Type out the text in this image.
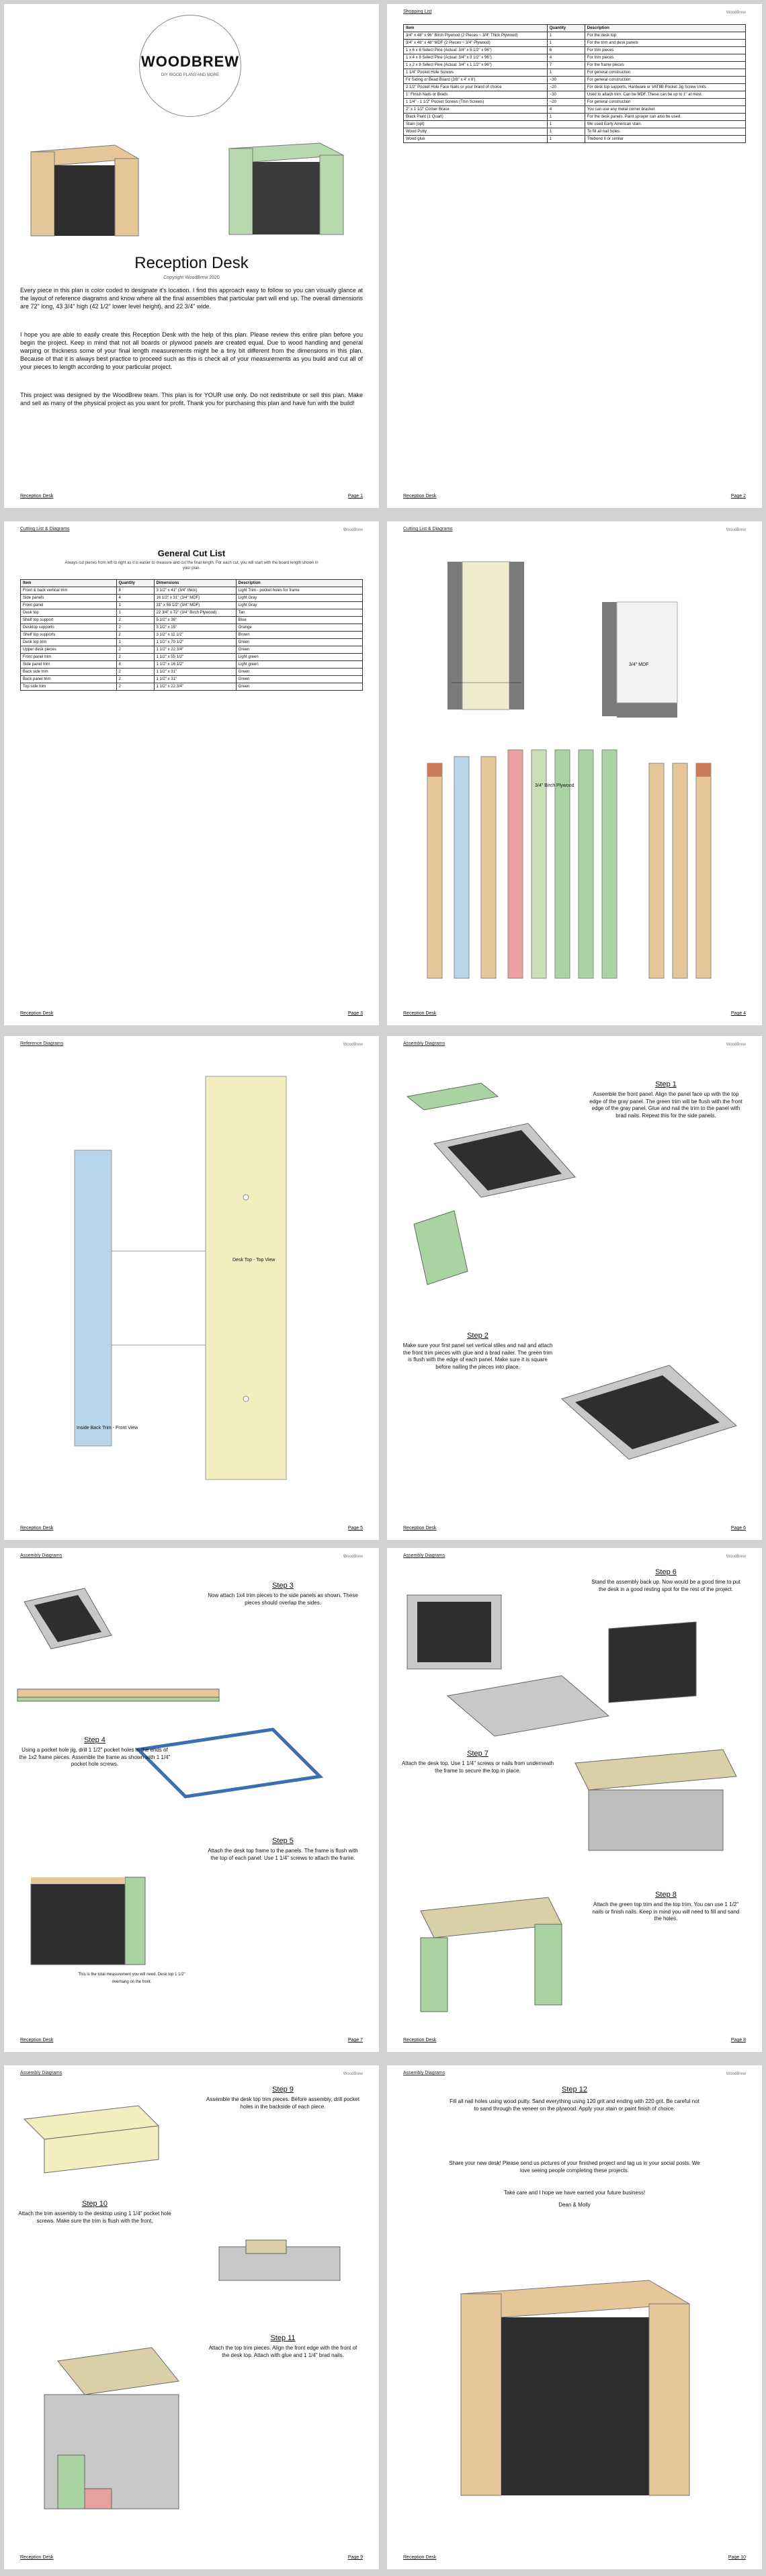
WOODBREW
DIY WOOD PLANS AND MORE
Reception Desk
Copyright WoodBrew 2020
Every piece in this plan is color coded to designate it's location. I find this approach easy to follow so you can visually glance at the layout of reference diagrams and know where all the final assemblies that particular part will end up. The overall dimensions are 72" long, 43 3/4" high (42 1/2" lower level height), and 22 3/4" wide.
I hope you are able to easily create this Reception Desk with the help of this plan. Please review this entire plan before you begin the project. Keep in mind that not all boards or plywood panels are created equal. Due to wood handling and general warping or thickness some of your final length measurements might be a tiny bit different from the dimensions in this plan. Because of that it is always best practice to proceed such as this is check all of your measurements as you build and cut all of your pieces to length according to your particular project.
This project was designed by the WoodBrew team. This plan is for YOUR use only. Do not redistribute or sell this plan. Make and sell as many of the physical project as you want for profit. Thank you for purchasing this plan and have fun with the build!
Reception Desk	Page 1
Shopping List	WoodBrew
Item	Quantity	Description
3/4" x 48" x 96" Birch Plywood (2 Pieces ~ 3/4" Thick Plywood)	1	For the desk top
3/4" x 48" x 48" MDF (2 Pieces ~ 3/4" Plywood)	1	For the trim and desk panels
1 x 6 x 8 Select Pine (Actual: 3/4" x 5 1/2" x 96")	6	For trim pieces
1 x 4 x 8 Select Pine (Actual: 3/4" x 3 1/2" x 96")	4	For trim pieces
1 x 2 x 8 Select Pine (Actual: 3/4" x 1 1/2" x 96")	7	For the frame pieces
1 1/4" Pocket Hole Screws	1	For general construction
Fir Siding or Bead Board (3/8" x 4' x 8')	~30	For general construction
2 1/2" Pocket Hole Face Nails or your brand of choice	~20	For desk top supports. Hardware or VAT8B Pocket Jig Screw Units
1" Finish Nails or Brads	~30	Used to attach trim. Can be MDF. These can be up to 1" at most.
1 1/4" - 1 1/2" Pocket Screws (Thin Screws)	~20	For general construction
2" x 1 1/2" Corner Brace	4	You can use any metal corner bracket
Black Paint (1 Quart)	1	For the desk panels. Paint sprayer can also be used.
Stain (opt)	1	We used Early American stain.
Wood Putty	1	To fill all nail holes.
Wood glue	1	Titebond II or similar
Reception Desk	Page 2
Cutting List & Diagrams	WoodBrew
General Cut List
Always cut pieces from left to right as it is easier to measure and cut the final length. For each cut, you will start with the board length shown in your plan.
Item	Quantity	Dimensions	Description
Front & back vertical trim	8	3 1/2" x 41" (3/4" thick)	Light Trim - pocket holes for frame
Side panels	4	16 1/2" x 31" (3/4" MDF)	Light Gray
Front panel	1	31" x 55 1/2" (3/4" MDF)	Light Gray
Desk top	1	22 3/4" x 72" (3/4" Birch Plywood)	Tan
Shelf top support	2	5 1/2" x 36"	Blue
Desktop supports	2	3 1/2" x 15"	Orange
Shelf top supports	2	3 1/2" x 11 1/2"	Brown
Desk top trim	1	1 1/2" x 70 1/2"	Green
Upper desk pieces	2	1 1/2" x 22 3/4"	Green
Front panel trim	2	1 1/2" x 55 1/2"	Light green
Side panel trim	4	1 1/2" x 16 1/2"	Light green
Back side trim	2	1 1/2" x 31"	Green
Back panel trim	2	1 1/2" x 31"	Green
Top side trim	2	1 1/2" x 22 3/4"	Green
Reception Desk	Page 3
Cutting List & Diagrams	WoodBrew
3/4" Birch Plywood
3/4" MDF
Reception Desk	Page 4
Reference Diagrams	WoodBrew
Desk Top - Top View
Inside Back Trim - Front View
Reception Desk	Page 5
Assembly Diagrams	WoodBrew
Step 1
Assemble the front panel. Align the panel face up with the top edge of the gray panel. The green trim will be flush with the front edge of the gray panel. Glue and nail the trim to the panel with brad nails. Repeat this for the side panels.
Step 2
Make sure your first panel set vertical stiles and nail and attach the front trim pieces with glue and a brad nailer. The green trim is flush with the edge of each panel. Make sure it is square before nailing the pieces into place.
Reception Desk	Page 6
Assembly Diagrams	WoodBrew
Step 3
Now attach 1x4 trim pieces to the side panels as shown. These pieces should overlap the sides.
Step 4
Using a pocket hole jig, drill 1 1/2" pocket holes in the ends of the 1x2 frame pieces. Assemble the frame as shown with 1 1/4" pocket hole screws.
Step 5
Attach the desk top frame to the panels. The frame is flush with the top of each panel. Use 1 1/4" screws to attach the frame.
This is the total measurement you will need. Desk top 1 1/2" overhang on the front.
Reception Desk	Page 7
Assembly Diagrams	WoodBrew
Step 6
Stand the assembly back up. Now would be a good time to put the desk in a good resting spot for the rest of the project.
Step 7
Attach the desk top. Use 1 1/4" screws or nails from underneath the frame to secure the top in place.
Step 8
Attach the green top trim and the top trim. You can use 1 1/2" nails or finish nails. Keep in mind you will need to fill and sand the holes.
Reception Desk	Page 8
Assembly Diagrams	WoodBrew
Step 9
Assemble the desk top trim pieces. Before assembly, drill pocket holes in the backside of each piece.
Step 10
Attach the trim assembly to the desktop using 1 1/4" pocket hole screws. Make sure the trim is flush with the front.
Step 11
Attach the top trim pieces. Align the front edge with the front of the desk top. Attach with glue and 1 1/4" brad nails.
Reception Desk	Page 9
Assembly Diagrams	WoodBrew
Step 12
Fill all nail holes using wood putty. Sand everything using 120 grit and ending with 220 grit. Be careful not to sand through the veneer on the plywood. Apply your stain or paint finish of choice.
Share your new desk! Please send us pictures of your finished project and tag us in your social posts. We love seeing people completing these projects.
Take care and I hope we have earned your future business!
Dean & Molly
Reception Desk	Page 10
